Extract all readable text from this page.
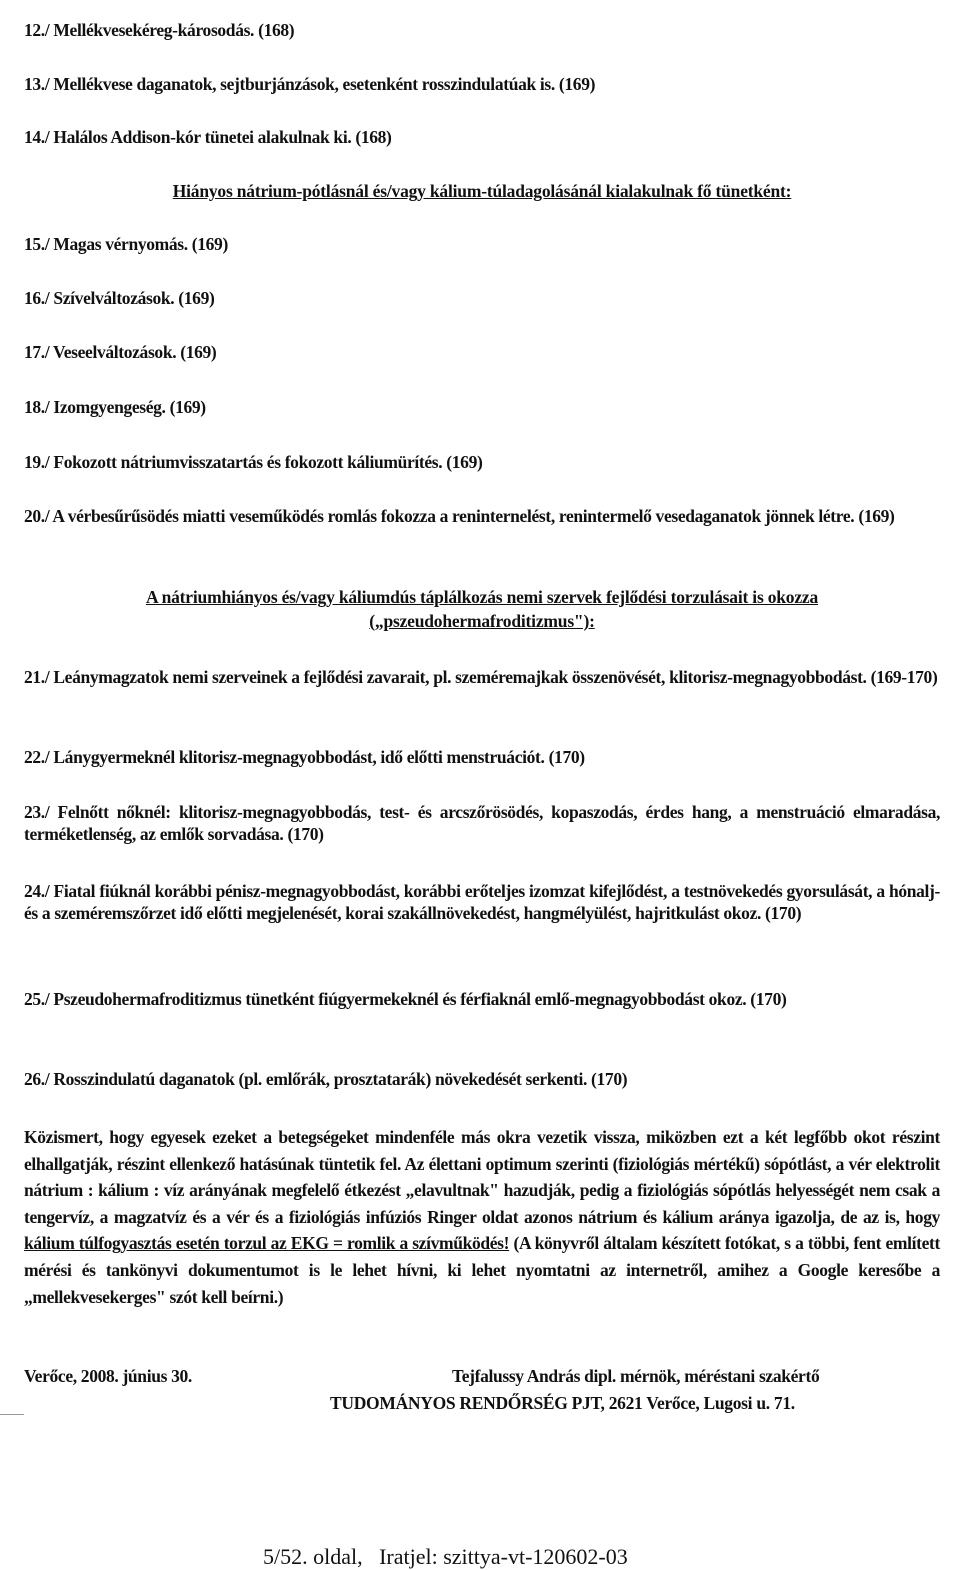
12./ Mellékvesekéreg-károsodás. (168)
13./ Mellékvese daganatok, sejtburjánzások, esetenként rosszindulatúak is. (169)
14./ Halálos Addison-kór tünetei alakulnak ki. (168)
Hiányos nátrium-pótlásnál és/vagy kálium-túladagolásánál kialakulnak fő tünetként:
15./ Magas vérnyomás. (169)
16./ Szívelváltozások. (169)
17./ Veseelváltozások. (169)
18./ Izomgyengeség. (169)
19./ Fokozott nátriumvisszatartás és fokozott káliumürítés. (169)
20./ A vérbesűrűsödés miatti veseműködés romlás fokozza a reninternelést, renintermelő vesedaganatok jönnek létre. (169)
A nátriumhiányos és/vagy káliumdús táplálkozás nemi szervek fejlődési torzulásait is okozza
(„pszeudohermafroditizmus"):
21./ Leánymagzatok nemi szerveinek a fejlődési zavarait, pl. szeméremajkak összenövését, klitorisz-megnagyobbodást. (169-170)
22./ Lánygyermeknél klitorisz-megnagyobbodást, idő előtti menstruációt. (170)
23./ Felnőtt nőknél: klitorisz-megnagyobbodás, test- és arcszőrösödés, kopaszodás, érdes hang, a menstruáció elmaradása, terméketlenség, az emlők sorvadása. (170)
24./ Fiatal fiúknál korábbi pénisz-megnagyobbodást, korábbi erőteljes izomzat kifejlődést, a testnövekedés gyorsulását, a hónalj- és a szeméremszőrzet idő előtti megjelenését, korai szakállnövekedést, hangmélyülést, hajritkulást okoz. (170)
25./ Pszeudohermafroditizmus tünetként fiúgyermekeknél és férfiaknál emlő-megnagyobbodást okoz. (170)
26./ Rosszindulatú daganatok (pl. emlőrák, prosztatarák) növekedését serkenti. (170)
Közismert, hogy egyesek ezeket a betegségeket mindenféle más okra vezetik vissza, miközben ezt a két legfőbb okot részint elhallgatják, részint ellenkező hatásúnak tüntetik fel. Az élettani optimum szerinti (fiziológiás mértékű) sópótlást, a vér elektrolit nátrium : kálium : víz arányának megfelelő étkezést „elavultnak" hazudják, pedig a fiziológiás sópótlás helyességét nem csak a tengervíz, a magzatvíz és a vér és a fiziológiás infúziós Ringer oldat azonos nátrium és kálium aránya igazolja, de az is, hogy kálium túlfogyasztás esetén torzul az EKG = romlik a szívműködés! (A könyvről általam készített fotókat, s a többi, fent említett mérési és tankönyvi dokumentumot is le lehet hívni, ki lehet nyomtatni az internetről, amihez a Google keresőbe a „mellekvesekerges" szót kell beírni.)
Verőce, 2008. június 30.	Tejfalussy András dipl. mérnök, méréstani szakértő
TUDOMÁNYOS RENDŐRSÉG PJT, 2621 Verőce, Lugosi u. 71.
5/52. oldal,   Iratjel: szittya-vt-120602-03
